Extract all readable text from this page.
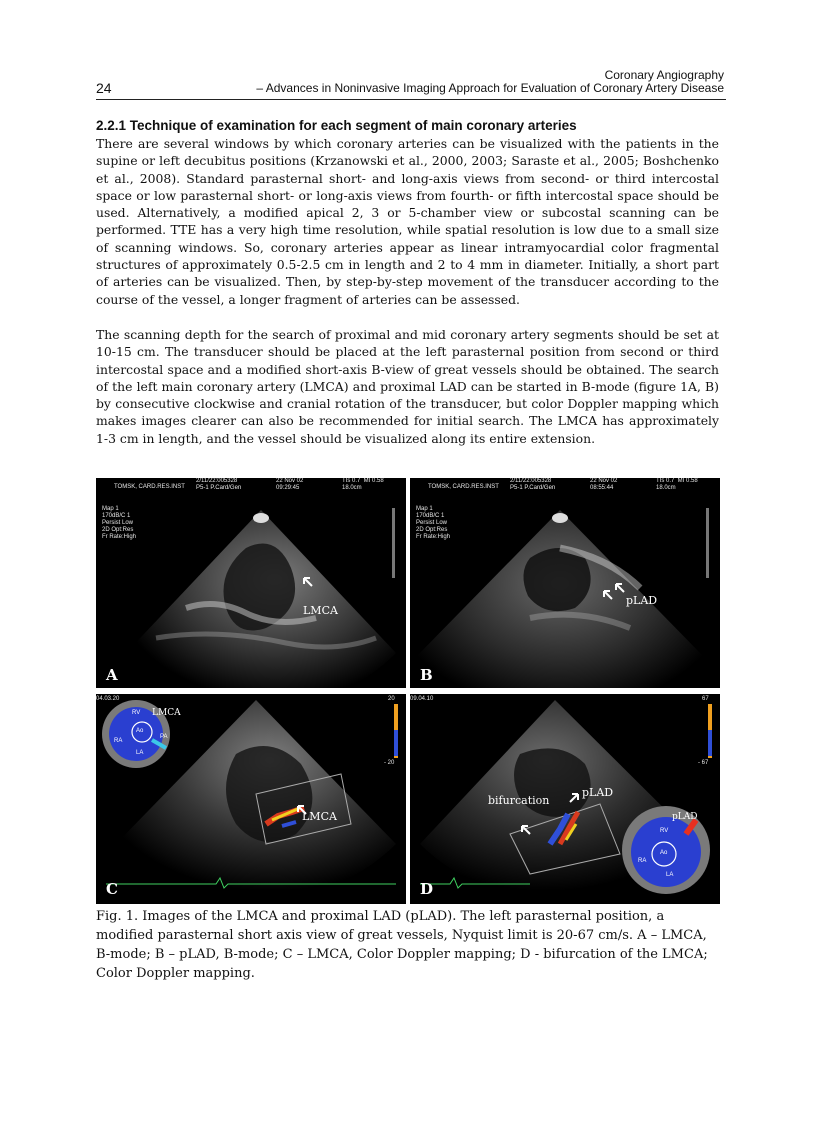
24
Coronary Angiography
– Advances in Noninvasive Imaging Approach for Evaluation of Coronary Artery Disease
2.2.1 Technique of examination for each segment of main coronary arteries

There are several windows by which coronary arteries can be visualized with the patients in the supine or left decubitus positions (Krzanowski et al., 2000, 2003; Saraste et al., 2005; Boshchenko et al., 2008). Standard parasternal short- and long-axis views from second- or third intercostal space or low parasternal short- or long-axis views from fourth- or fifth intercostal space should be used. Alternatively, a modified apical 2, 3 or 5-chamber view or subcostal scanning can be performed. TTE has a very high time resolution, while spatial resolution is low due to a small size of scanning windows. So, coronary arteries appear as linear intramyocardial color fragmental structures of approximately 0.5-2.5 cm in length and 2 to 4 mm in diameter. Initially, a short part of arteries can be visualized. Then, by step-by-step movement of the transducer according to the course of the vessel, a longer fragment of arteries can be assessed.

The scanning depth for the search of proximal and mid coronary artery segments should be set at 10-15 cm. The transducer should be placed at the left parasternal position from second or third intercostal space and a modified short-axis B-view of great vessels should be obtained. The search of the left main coronary artery (LMCA) and proximal LAD can be started in B-mode (figure 1A, B) by consecutive clockwise and cranial rotation of the transducer, but color Doppler mapping which makes images clearer can also be recommended for initial search. The LMCA has approximately 1-3 cm in length, and the vessel should be visualized along its entire extension.

TOMSK, CARD.RES.INST
2/11/22:005328
P5-1 P.Card/Gen
22 Nov 02
09:29:45
TIs 0.7  MI 0.58
18.0cm
Map 1
170dB/C 1
Persist Low
2D Opt:Res
Fr Rate:High
LMCA
A
TOMSK, CARD.RES.INST
2/11/22:005328
P5-1 P.Card/Gen
22 Nov 02
08:55:44
TIs 0.7  MI 0.58
18.0cm
Map 1
170dB/C 1
Persist Low
2D Opt:Res
Fr Rate:High
pLAD
B
04.03.20	20
- 20
RV
Ao
RA
LA
PA
LMCA
LMCA
C
09.04.10	67
- 67
bifurcation
pLAD
pLAD
RV
Ao
RA
LA
D

Fig. 1. Images of the LMCA and proximal LAD (pLAD). The left parasternal position, a modified parasternal short axis view of great vessels, Nyquist limit is 20-67 cm/s. A – LMCA, B-mode; B – pLAD, B-mode; C – LMCA, Color Doppler mapping; D - bifurcation of the LMCA; Color Doppler mapping.
